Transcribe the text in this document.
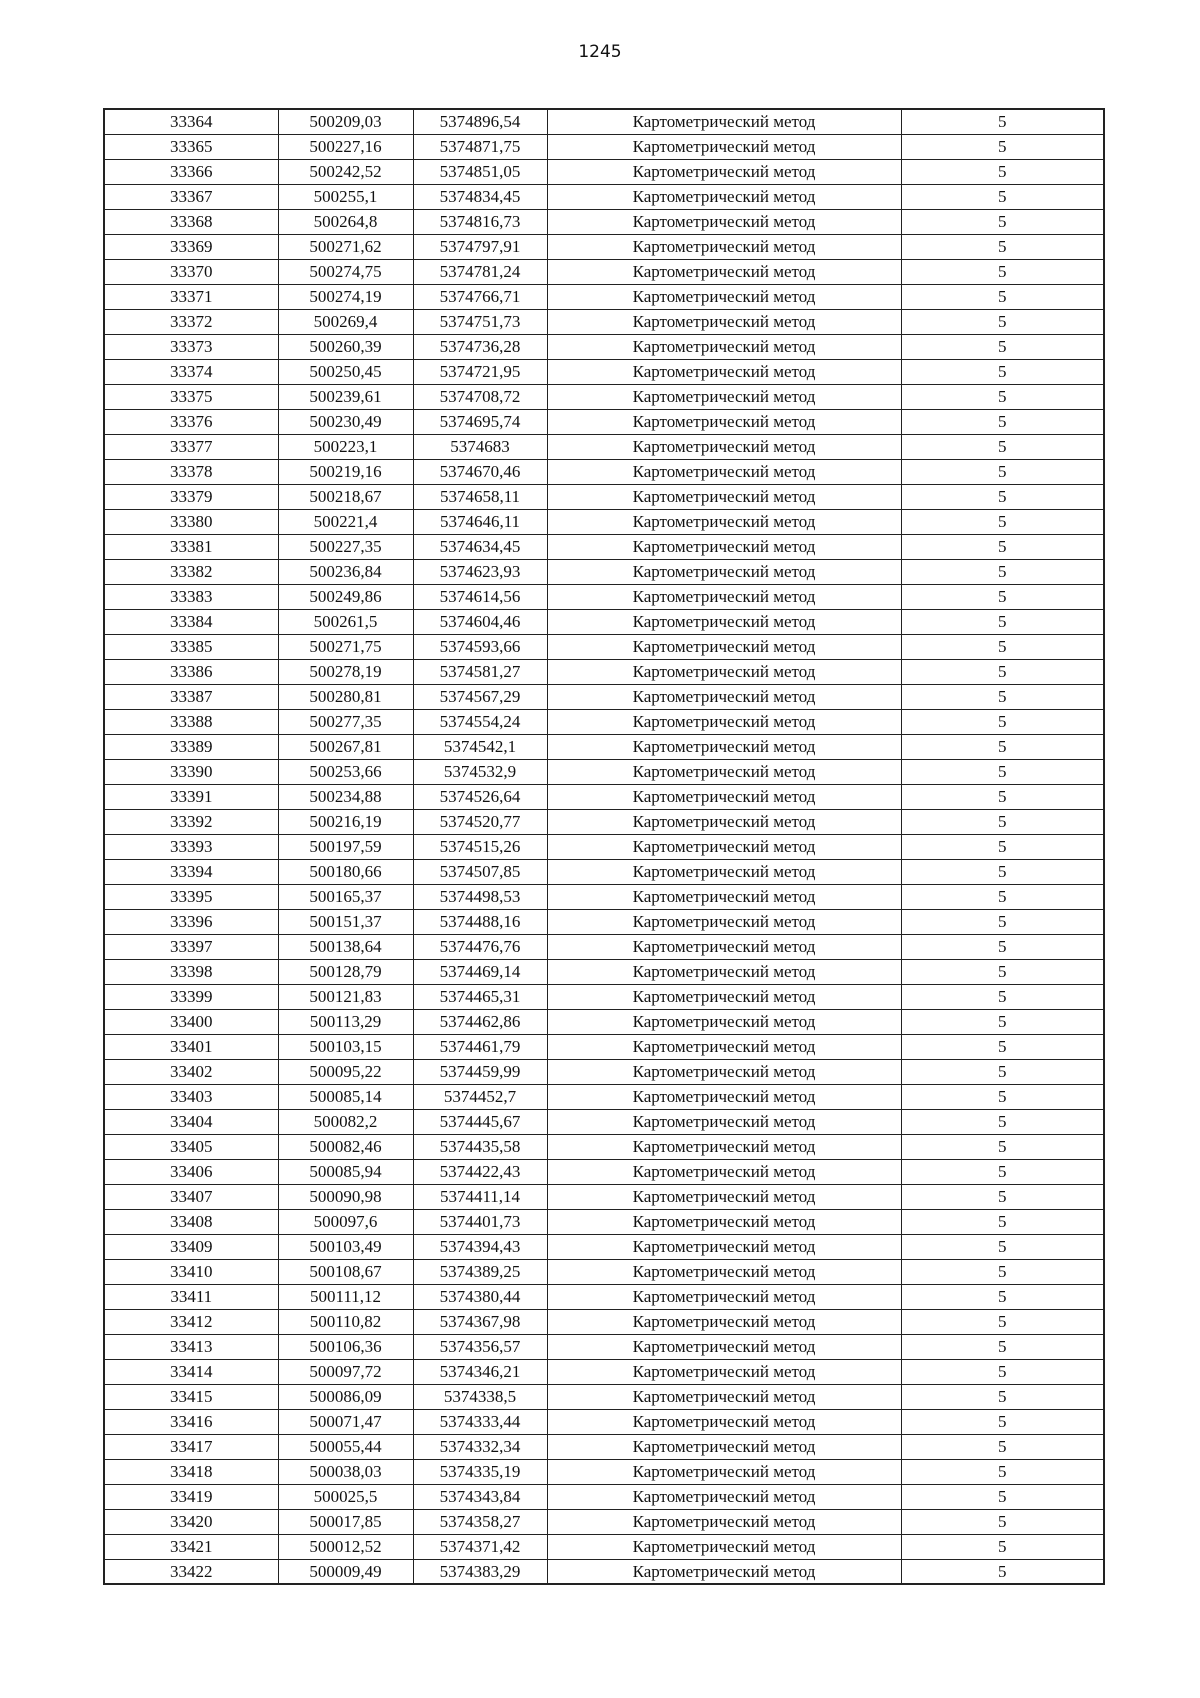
1245
33364	500209,03	5374896,54	Картометрический метод	5
33365	500227,16	5374871,75	Картометрический метод	5
33366	500242,52	5374851,05	Картометрический метод	5
33367	500255,1	5374834,45	Картометрический метод	5
33368	500264,8	5374816,73	Картометрический метод	5
33369	500271,62	5374797,91	Картометрический метод	5
33370	500274,75	5374781,24	Картометрический метод	5
33371	500274,19	5374766,71	Картометрический метод	5
33372	500269,4	5374751,73	Картометрический метод	5
33373	500260,39	5374736,28	Картометрический метод	5
33374	500250,45	5374721,95	Картометрический метод	5
33375	500239,61	5374708,72	Картометрический метод	5
33376	500230,49	5374695,74	Картометрический метод	5
33377	500223,1	5374683	Картометрический метод	5
33378	500219,16	5374670,46	Картометрический метод	5
33379	500218,67	5374658,11	Картометрический метод	5
33380	500221,4	5374646,11	Картометрический метод	5
33381	500227,35	5374634,45	Картометрический метод	5
33382	500236,84	5374623,93	Картометрический метод	5
33383	500249,86	5374614,56	Картометрический метод	5
33384	500261,5	5374604,46	Картометрический метод	5
33385	500271,75	5374593,66	Картометрический метод	5
33386	500278,19	5374581,27	Картометрический метод	5
33387	500280,81	5374567,29	Картометрический метод	5
33388	500277,35	5374554,24	Картометрический метод	5
33389	500267,81	5374542,1	Картометрический метод	5
33390	500253,66	5374532,9	Картометрический метод	5
33391	500234,88	5374526,64	Картометрический метод	5
33392	500216,19	5374520,77	Картометрический метод	5
33393	500197,59	5374515,26	Картометрический метод	5
33394	500180,66	5374507,85	Картометрический метод	5
33395	500165,37	5374498,53	Картометрический метод	5
33396	500151,37	5374488,16	Картометрический метод	5
33397	500138,64	5374476,76	Картометрический метод	5
33398	500128,79	5374469,14	Картометрический метод	5
33399	500121,83	5374465,31	Картометрический метод	5
33400	500113,29	5374462,86	Картометрический метод	5
33401	500103,15	5374461,79	Картометрический метод	5
33402	500095,22	5374459,99	Картометрический метод	5
33403	500085,14	5374452,7	Картометрический метод	5
33404	500082,2	5374445,67	Картометрический метод	5
33405	500082,46	5374435,58	Картометрический метод	5
33406	500085,94	5374422,43	Картометрический метод	5
33407	500090,98	5374411,14	Картометрический метод	5
33408	500097,6	5374401,73	Картометрический метод	5
33409	500103,49	5374394,43	Картометрический метод	5
33410	500108,67	5374389,25	Картометрический метод	5
33411	500111,12	5374380,44	Картометрический метод	5
33412	500110,82	5374367,98	Картометрический метод	5
33413	500106,36	5374356,57	Картометрический метод	5
33414	500097,72	5374346,21	Картометрический метод	5
33415	500086,09	5374338,5	Картометрический метод	5
33416	500071,47	5374333,44	Картометрический метод	5
33417	500055,44	5374332,34	Картометрический метод	5
33418	500038,03	5374335,19	Картометрический метод	5
33419	500025,5	5374343,84	Картометрический метод	5
33420	500017,85	5374358,27	Картометрический метод	5
33421	500012,52	5374371,42	Картометрический метод	5
33422	500009,49	5374383,29	Картометрический метод	5
